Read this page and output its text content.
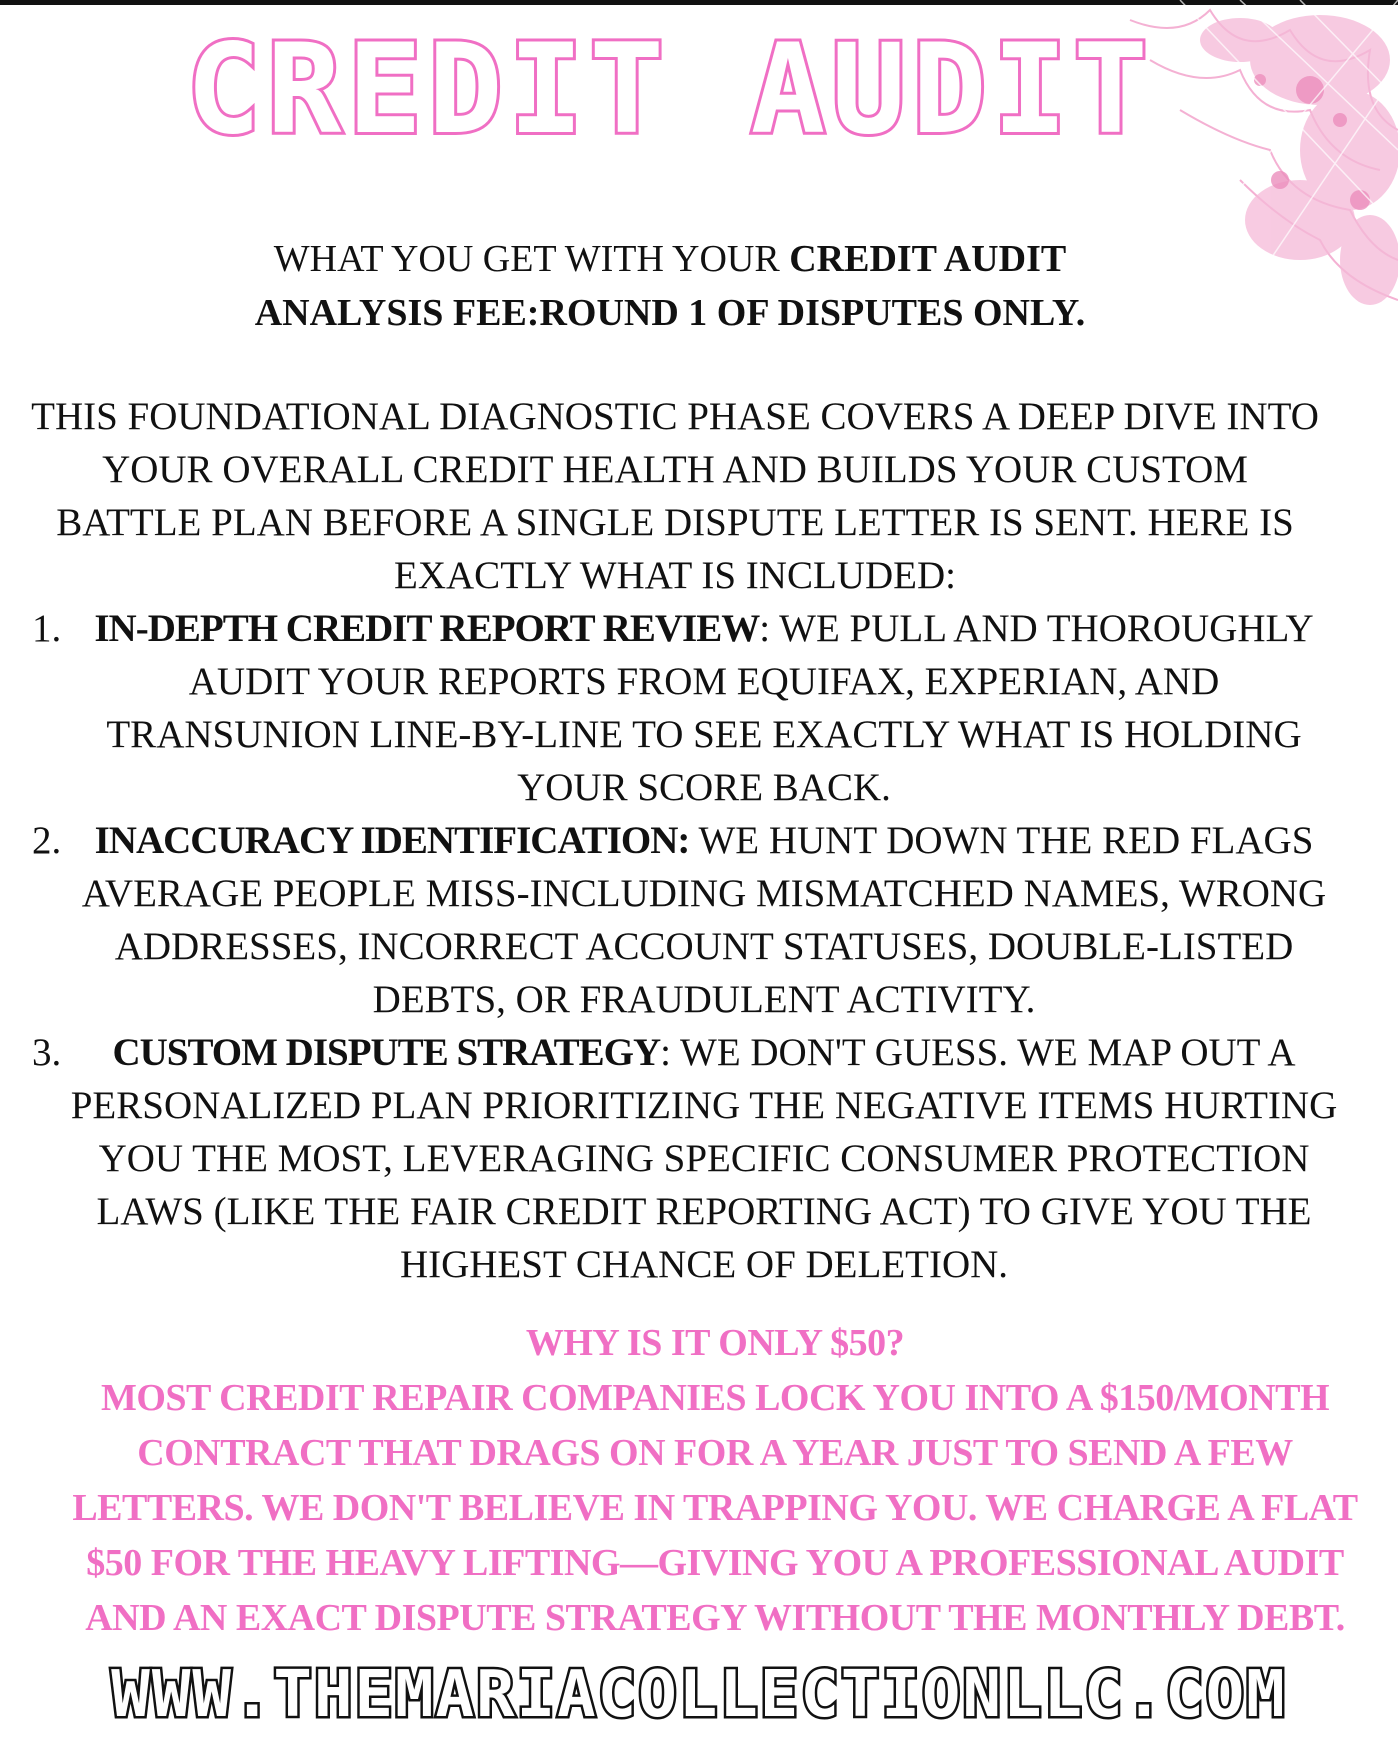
CREDIT AUDIT
WHAT YOU GET WITH YOUR CREDIT AUDIT
ANALYSIS FEE:ROUND 1 OF DISPUTES ONLY.
THIS FOUNDATIONAL DIAGNOSTIC PHASE COVERS A DEEP DIVE INTO YOUR OVERALL CREDIT HEALTH AND BUILDS YOUR CUSTOM BATTLE PLAN BEFORE A SINGLE DISPUTE LETTER IS SENT. HERE IS EXACTLY WHAT IS INCLUDED:
1. IN-DEPTH CREDIT REPORT REVIEW: WE PULL AND THOROUGHLY AUDIT YOUR REPORTS FROM EQUIFAX, EXPERIAN, AND TRANSUNION LINE-BY-LINE TO SEE EXACTLY WHAT IS HOLDING YOUR SCORE BACK.
2. INACCURACY IDENTIFICATION: WE HUNT DOWN THE RED FLAGS AVERAGE PEOPLE MISS-INCLUDING MISMATCHED NAMES, WRONG ADDRESSES, INCORRECT ACCOUNT STATUSES, DOUBLE-LISTED DEBTS, OR FRAUDULENT ACTIVITY.
3. CUSTOM DISPUTE STRATEGY: WE DON'T GUESS. WE MAP OUT A PERSONALIZED PLAN PRIORITIZING THE NEGATIVE ITEMS HURTING YOU THE MOST, LEVERAGING SPECIFIC CONSUMER PROTECTION LAWS (LIKE THE FAIR CREDIT REPORTING ACT) TO GIVE YOU THE HIGHEST CHANCE OF DELETION.
WHY IS IT ONLY $50?
MOST CREDIT REPAIR COMPANIES LOCK YOU INTO A $150/MONTH CONTRACT THAT DRAGS ON FOR A YEAR JUST TO SEND A FEW LETTERS. WE DON'T BELIEVE IN TRAPPING YOU. WE CHARGE A FLAT $50 FOR THE HEAVY LIFTING—GIVING YOU A PROFESSIONAL AUDIT AND AN EXACT DISPUTE STRATEGY WITHOUT THE MONTHLY DEBT.
WWW.THEMARIACOLLECTIONLLC.COM
